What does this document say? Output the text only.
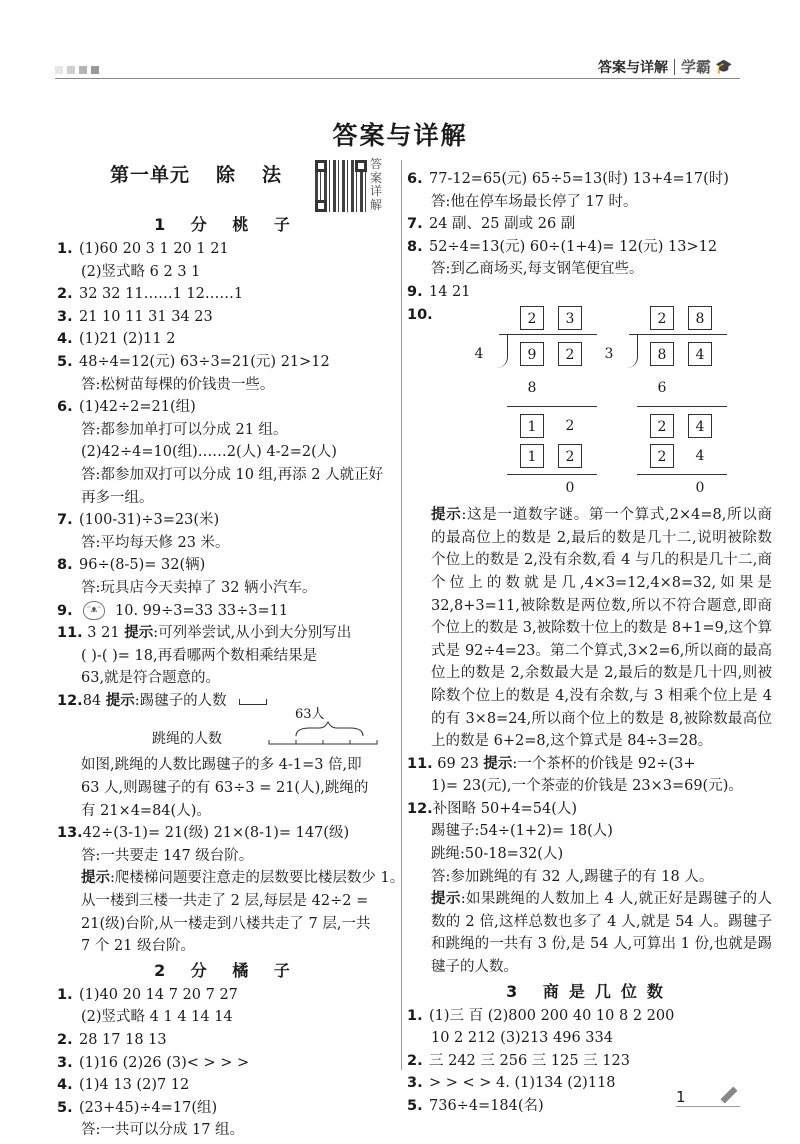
答案与详解 学霸 🎓
答案与详解
第一单元 除 法	答案详解
1 分 桃 子
1. (1)60 20 3 1 20 1 21
(2)竖式略 6 2 3 1
2. 32 32 11……1 12……1
3. 21 10 11 31 34 23
4. (1)21 (2)11 2
5. 48÷4=12(元) 63÷3=21(元) 21>12
答:松树苗每棵的价钱贵一些。
6. (1)42÷2=21(组)
答:都参加单打可以分成 21 组。
(2)42÷4=10(组)……2(人) 4-2=2(人)
答:都参加双打可以分成 10 组,再添 2 人就正好
再多一组。
7. (100-31)÷3=23(米)
答:平均每天修 23 米。
8. 96÷(8-5)= 32(辆)
答:玩具店今天卖掉了 32 辆小汽车。
9. ᵔᴥᵔ 10. 99÷3=33 33÷3=11
11. 3 21 提示:可列举尝试,从小到大分别写出
( )-( )= 18,再看哪两个数相乘结果是
63,就是符合题意的。
12.84 提示:踢毽子的人数
跳绳的人数
63人
如图,跳绳的人数比踢毽子的多 4-1=3 倍,即
63 人,则踢毽子的有 63÷3 = 21(人),跳绳的
有 21×4=84(人)。
13.42÷(3-1)= 21(级) 21×(8-1)= 147(级)
答:一共要走 147 级台阶。
提示:爬楼梯问题要注意走的层数要比楼层数少 1。
从一楼到三楼一共走了 2 层,每层是 42÷2 =
21(级)台阶,从一楼走到八楼共走了 7 层,一共
7 个 21 级台阶。
2 分 橘 子
1. (1)40 20 14 7 20 7 27
(2)竖式略 4 1 4 14 14
2. 28 17 18 13
3. (1)16 (2)26 (3)< > > >
4. (1)4 13 (2)7 12
5. (23+45)÷4=17(组)
答:一共可以分成 17 组。
6. 77-12=65(元) 65÷5=13(时) 13+4=17(时)
答:他在停车场最长停了 17 时。
7. 24 副、25 副或 26 副
8. 52÷4=13(元) 60÷(1+4)= 12(元) 13>12
答:到乙商场买,每支钢笔便宜些。
9. 14 21
10.	2	3
4	9	2
8
1	2
1	2
0
2	8
3	8	4
6
2	4
2	4
0
提示:这是一道数字谜。第一个算式,2×4=8,所以商的最高位上的数是 2,最后的数是几十二,说明被除数个位上的数是 2,没有余数,看 4 与几的积是几十二,商个位上的数就是几,4×3=12,4×8=32,如果是 32,8+3=11,被除数是两位数,所以不符合题意,即商个位上的数是 3,被除数十位上的数是 8+1=9,这个算式是 92÷4=23。第二个算式,3×2=6,所以商的最高位上的数是 2,余数最大是 2,最后的数是几十四,则被除数个位上的数是 4,没有余数,与 3 相乘个位上是 4 的有 3×8=24,所以商个位上的数是 8,被除数最高位上的数是 6+2=8,这个算式是 84÷3=28。
11. 69 23 提示:一个茶杯的价钱是 92÷(3+
1)= 23(元),一个茶壶的价钱是 23×3=69(元)。
12.补图略 50+4=54(人)
踢毽子:54÷(1+2)= 18(人)
跳绳:50-18=32(人)
答:参加跳绳的有 32 人,踢毽子的有 18 人。
提示:如果跳绳的人数加上 4 人,就正好是踢毽子的人数的 2 倍,这样总数也多了 4 人,就是 54 人。踢毽子和跳绳的一共有 3 份,是 54 人,可算出 1 份,也就是踢毽子的人数。
3 商是几位数
1. (1)三 百 (2)800 200 40 10 8 2 200
10 2 212 (3)213 496 334
2. 三 242 三 256 三 125 三 123
3. > > < > 4. (1)134 (2)118
5. 736÷4=184(名)	1
